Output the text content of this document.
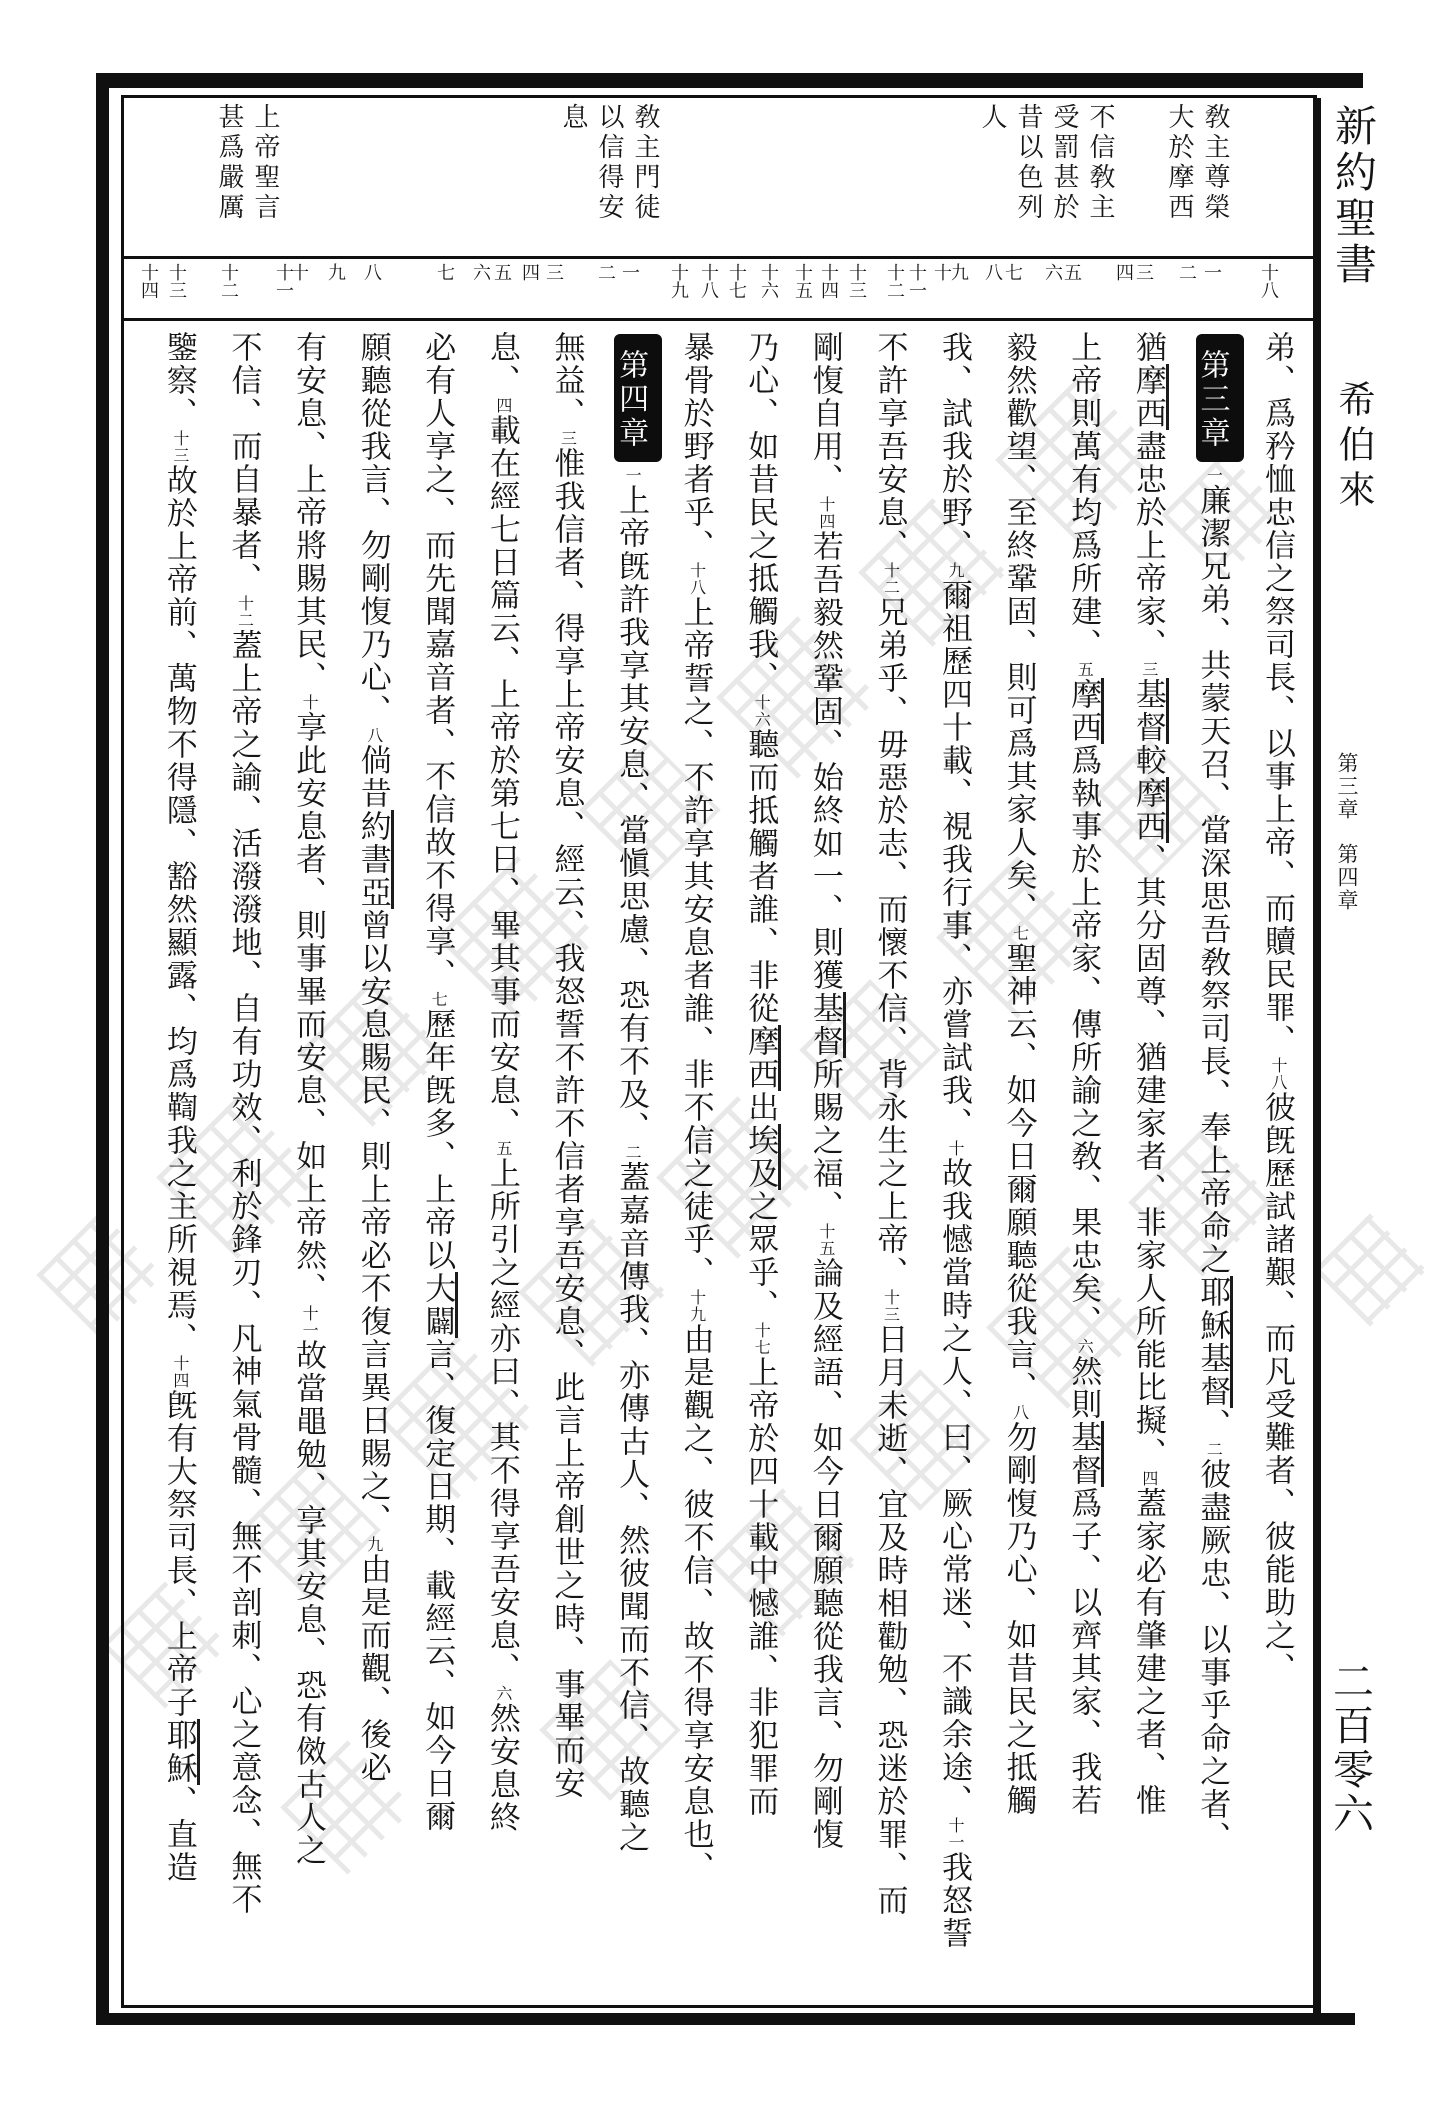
新約聖書
希伯來
第三章
第四章
二百零六
敎主尊榮
大於摩西
不信敎主
受罰甚於
昔以色列
人
敎主門徒
以信得安
息
上帝聖言
甚爲嚴厲
十八
一
二
三
四
五
六
七
八
九
十
十一
十二
十三
十四
十五
十六
十七
十八
十九
一
二
三
四
五
六
七
八
九
十
十一
十二
十三
十四
弟、爲矜恤忠信之祭司長、以事上帝、而贖民罪、十八彼旣歷試諸艱、而凡受難者、彼能助之、
第三章一廉潔兄弟、共蒙天召、當深思吾敎祭司長、奉上帝命之耶穌基督、二彼盡厥忠、以事乎命之者、
猶摩西盡忠於上帝家、三基督較摩西、其分固尊、猶建家者、非家人所能比擬、四蓋家必有肇建之者、惟
上帝則萬有均爲所建、五摩西爲執事於上帝家、傳所諭之敎、果忠矣、六然則基督爲子、以齊其家、我若
毅然歡望、至終鞏固、則可爲其家人矣、七聖神云、如今日爾願聽從我言、八勿剛愎乃心、如昔民之抵觸
我、試我於野、九爾祖歷四十載、視我行事、亦嘗試我、十故我憾當時之人、曰、厥心常迷、不識余途、十一我怒誓
不許享吾安息、十二兄弟乎、毋惡於志、而懷不信、背永生之上帝、十三日月未逝、宜及時相勸勉、恐迷於罪、而
剛愎自用、十四若吾毅然鞏固、始終如一、則獲基督所賜之福、十五論及經語、如今日爾願聽從我言、勿剛愎
乃心、如昔民之抵觸我、十六聽而抵觸者誰、非從摩西出埃及之眾乎、十七上帝於四十載中憾誰、非犯罪而
暴骨於野者乎、十八上帝誓之、不許享其安息者誰、非不信之徒乎、十九由是觀之、彼不信、故不得享安息也、
第四章一上帝旣許我享其安息、當愼思慮、恐有不及、二蓋嘉音傳我、亦傳古人、然彼聞而不信、故聽之
無益、三惟我信者、得享上帝安息、經云、我怒誓不許不信者享吾安息、此言上帝創世之時、事畢而安
息、四載在經七日篇云、上帝於第七日、畢其事而安息、五上所引之經亦曰、其不得享吾安息、六然安息終
必有人享之、而先聞嘉音者、不信故不得享、七歷年旣多、上帝以大闢言、復定日期、載經云、如今日爾
願聽從我言、勿剛愎乃心、八倘昔約書亞曾以安息賜民、則上帝必不復言異日賜之、九由是而觀、後必
有安息、上帝將賜其民、十享此安息者、則事畢而安息、如上帝然、十一故當黽勉、享其安息、恐有傚古人之
不信、而自暴者、十二蓋上帝之諭、活潑潑地、自有功效、利於鋒刃、凡神氣骨髓、無不剖刺、心之意念、無不
鑒察、十三故於上帝前、萬物不得隱、豁然顯露、均爲鞫我之主所視焉、十四旣有大祭司長、上帝子耶穌、直造
